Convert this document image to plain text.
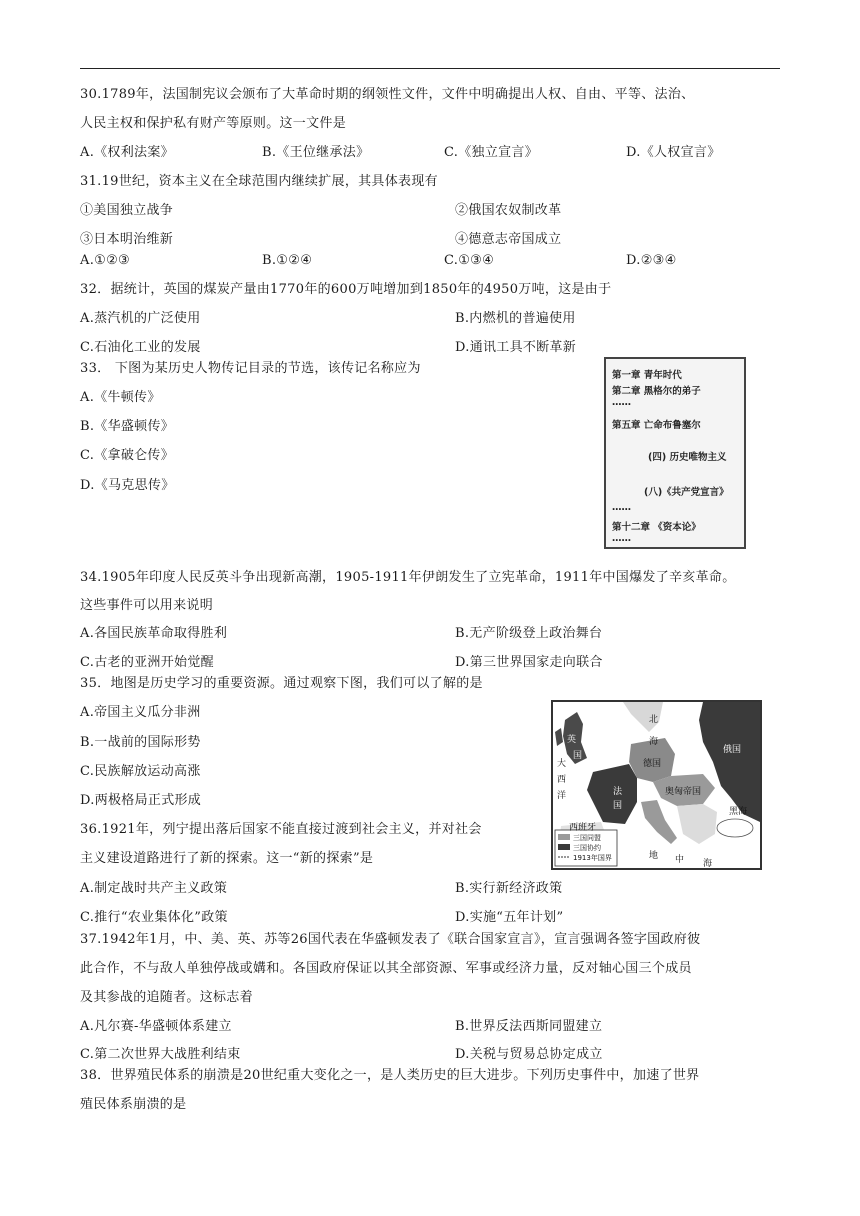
30.1789年，法国制宪议会颁布了大革命时期的纲领性文件，文件中明确提出人权、自由、平等、法治、
人民主权和保护私有财产等原则。这一文件是
A.《权利法案》	B.《王位继承法》	C.《独立宣言》	D.《人权宣言》
31.19世纪，资本主义在全球范围内继续扩展，其具体表现有
①美国独立战争	②俄国农奴制改革
③日本明治维新	④德意志帝国成立
A.①②③	B.①②④	C.①③④	D.②③④
32．据统计，英国的煤炭产量由1770年的600万吨增加到1850年的4950万吨，这是由于
A.蒸汽机的广泛使用	B.内燃机的普遍使用
C.石油化工业的发展	D.通讯工具不断革新
33． 下图为某历史人物传记目录的节选，该传记名称应为
A.《牛顿传》
B.《华盛顿传》
C.《拿破仑传》
D.《马克思传》
第一章 青年时代
第二章 黑格尔的弟子
……
第五章 亡命布鲁塞尔
(四) 历史唯物主义
(八)《共产党宣言》
……
第十二章 《资本论》
……
34.1905年印度人民反英斗争出现新高潮，1905-1911年伊朗发生了立宪革命，1911年中国爆发了辛亥革命。
这些事件可以用来说明
A.各国民族革命取得胜利	B.无产阶级登上政治舞台
C.古老的亚洲开始觉醒	D.第三世界国家走向联合
35．地图是历史学习的重要资源。通过观察下图，我们可以了解的是
A.帝国主义瓜分非洲
B.一战前的国际形势
C.民族解放运动高涨
D.两极格局正式形成
北
海
英
国
大
西
洋
德国
俄国
奥匈帝国
法
国
西班牙
地 中 海
黑海
三国同盟
三国协约
1913年国界
36.1921年，列宁提出落后国家不能直接过渡到社会主义，并对社会
主义建设道路进行了新的探索。这一“新的探索”是
A.制定战时共产主义政策	B.实行新经济政策
C.推行“农业集体化”政策	D.实施“五年计划”
37.1942年1月，中、美、英、苏等26国代表在华盛顿发表了《联合国家宣言》，宣言强调各签字国政府彼
此合作，不与敌人单独停战或媾和。各国政府保证以其全部资源、军事或经济力量，反对轴心国三个成员
及其参战的追随者。这标志着
A.凡尔赛-华盛顿体系建立	B.世界反法西斯同盟建立
C.第二次世界大战胜利结束	D.关税与贸易总协定成立
38．世界殖民体系的崩溃是20世纪重大变化之一，是人类历史的巨大进步。下列历史事件中，加速了世界
殖民体系崩溃的是
